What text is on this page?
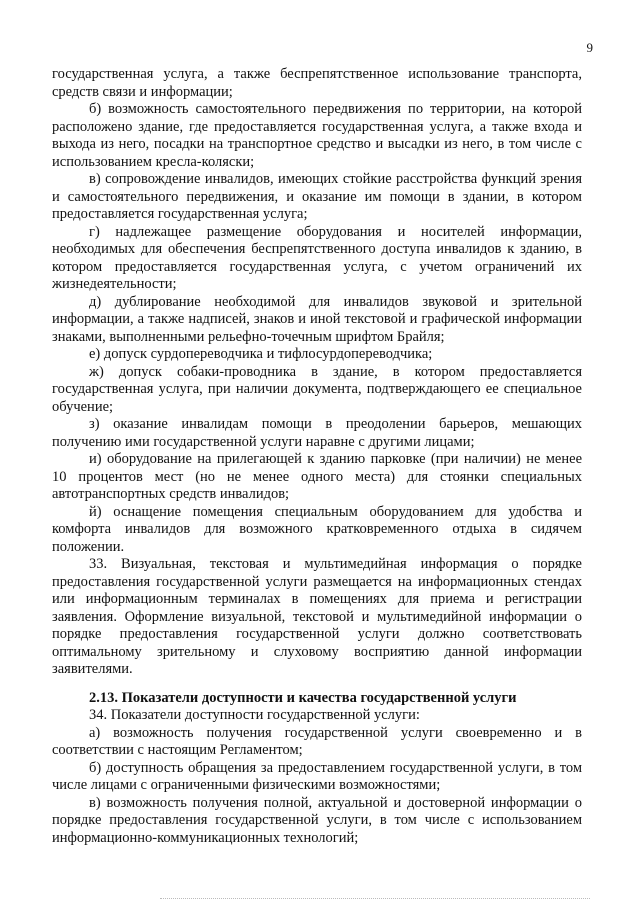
9

государственная услуга, а также беспрепятственное использование транспорта, средств связи и информации;

б) возможность самостоятельного передвижения по территории, на которой расположено здание, где предоставляется государственная услуга, а также входа и выхода из него, посадки на транспортное средство и высадки из него, в том числе с использованием кресла-коляски;

в) сопровождение инвалидов, имеющих стойкие расстройства функций зрения и самостоятельного передвижения, и оказание им помощи в здании, в котором предоставляется государственная услуга;

г) надлежащее размещение оборудования и носителей информации, необходимых для обеспечения беспрепятственного доступа инвалидов к зданию, в котором предоставляется государственная услуга, с учетом ограничений их жизнедеятельности;

д) дублирование необходимой для инвалидов звуковой и зрительной информации, а также надписей, знаков и иной текстовой и графической информации знаками, выполненными рельефно-точечным шрифтом Брайля;

е) допуск сурдопереводчика и тифлосурдопереводчика;

ж) допуск собаки-проводника в здание, в котором предоставляется государственная услуга, при наличии документа, подтверждающего ее специальное обучение;

з) оказание инвалидам помощи в преодолении барьеров, мешающих получению ими государственной услуги наравне с другими лицами;

и) оборудование на прилегающей к зданию парковке (при наличии) не менее 10 процентов мест (но не менее одного места) для стоянки специальных автотранспортных средств инвалидов;

й) оснащение помещения специальным оборудованием для удобства и комфорта инвалидов для возможного кратковременного отдыха в сидячем положении.

33. Визуальная, текстовая и мультимедийная информация о порядке предоставления государственной услуги размещается на информационных стендах или информационным терминалах в помещениях для приема и регистрации заявления. Оформление визуальной, текстовой и мультимедийной информации о порядке предоставления государственной услуги должно соответствовать оптимальному зрительному и слуховому восприятию данной информации заявителями.

2.13. Показатели доступности и качества государственной услуги

34. Показатели доступности государственной услуги:

а) возможность получения государственной услуги своевременно и в соответствии с настоящим Регламентом;

б) доступность обращения за предоставлением государственной услуги, в том числе лицами с ограниченными физическими возможностями;

в) возможность получения полной, актуальной и достоверной информации о порядке предоставления государственной услуги, в том числе с использованием информационно-коммуникационных технологий;
